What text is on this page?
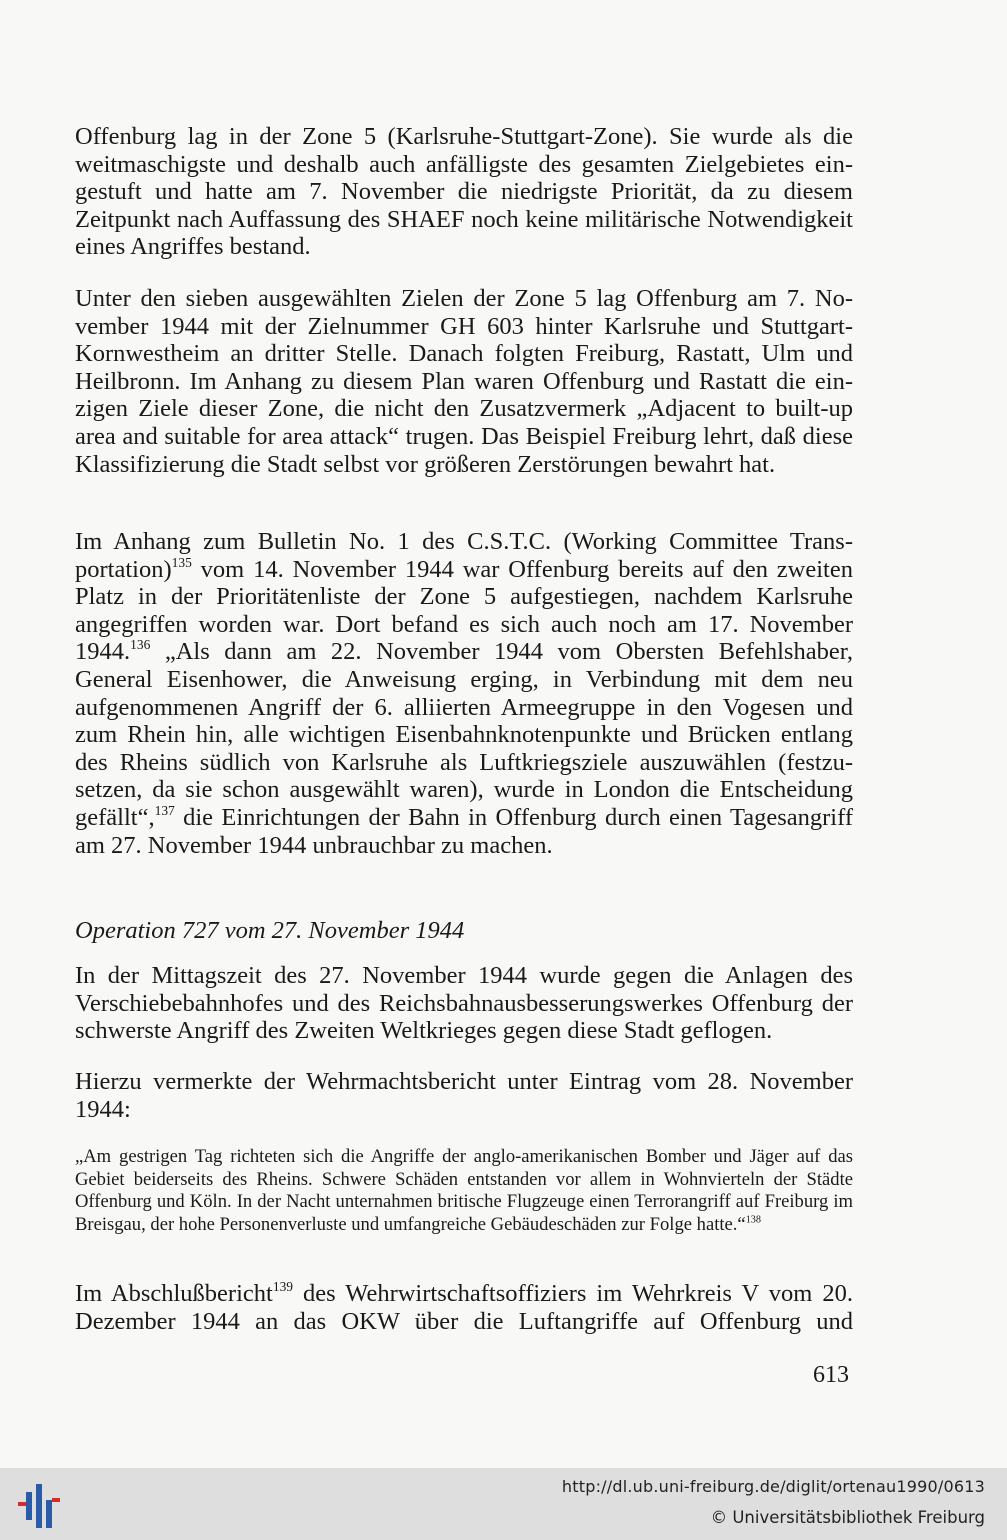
Offenburg lag in der Zone 5 (Karlsruhe-Stuttgart-Zone). Sie wurde als die weitmaschigste und deshalb auch anfälligste des gesamten Zielgebietes eingestuft und hatte am 7. November die niedrigste Priorität, da zu diesem Zeitpunkt nach Auffassung des SHAEF noch keine militärische Notwendigkeit eines Angriffes bestand.

Unter den sieben ausgewählten Zielen der Zone 5 lag Offenburg am 7. November 1944 mit der Zielnummer GH 603 hinter Karlsruhe und Stuttgart-Kornwestheim an dritter Stelle. Danach folgten Freiburg, Rastatt, Ulm und Heilbronn. Im Anhang zu diesem Plan waren Offenburg und Rastatt die einzigen Ziele dieser Zone, die nicht den Zusatzvermerk „Adjacent to built-up area and suitable for area attack“ trugen. Das Beispiel Freiburg lehrt, daß diese Klassifizierung die Stadt selbst vor größeren Zerstörungen bewahrt hat.

Im Anhang zum Bulletin No. 1 des C.S.T.C. (Working Committee Transportation)$^{135}$ vom 14. November 1944 war Offenburg bereits auf den zweiten Platz in der Prioritätenliste der Zone 5 aufgestiegen, nachdem Karlsruhe angegriffen worden war. Dort befand es sich auch noch am 17. November 1944.$^{136}$ „Als dann am 22. November 1944 vom Obersten Befehlshaber, General Eisenhower, die Anweisung erging, in Verbindung mit dem neu aufgenommenen Angriff der 6. alliierten Armeegruppe in den Vogesen und zum Rhein hin, alle wichtigen Eisenbahnknotenpunkte und Brücken entlang des Rheins südlich von Karlsruhe als Luftkriegsziele auszuwählen (festzusetzen, da sie schon ausgewählt waren), wurde in London die Entscheidung gefällt“,$^{137}$ die Einrichtungen der Bahn in Offenburg durch einen Tagesangriff am 27. November 1944 unbrauchbar zu machen.

Operation 727 vom 27. November 1944

In der Mittagszeit des 27. November 1944 wurde gegen die Anlagen des Verschiebebahnhofes und des Reichsbahnausbesserungswerkes Offenburg der schwerste Angriff des Zweiten Weltkrieges gegen diese Stadt geflogen.

Hierzu vermerkte der Wehrmachtsbericht unter Eintrag vom 28. November 1944:

„Am gestrigen Tag richteten sich die Angriffe der anglo-amerikanischen Bomber und Jäger auf das Gebiet beiderseits des Rheins. Schwere Schäden entstanden vor allem in Wohnvierteln der Städte Offenburg und Köln. In der Nacht unternahmen britische Flugzeuge einen Terrorangriff auf Freiburg im Breisgau, der hohe Personenverluste und umfangreiche Gebäudeschäden zur Folge hatte.“$^{138}$

Im Abschlußbericht$^{139}$ des Wehrwirtschaftsoffiziers im Wehrkreis V vom 20. Dezember 1944 an das OKW über die Luftangriffe auf Offenburg und

613
http://dl.ub.uni-freiburg.de/diglit/ortenau1990/0613
© Universitätsbibliothek Freiburg
